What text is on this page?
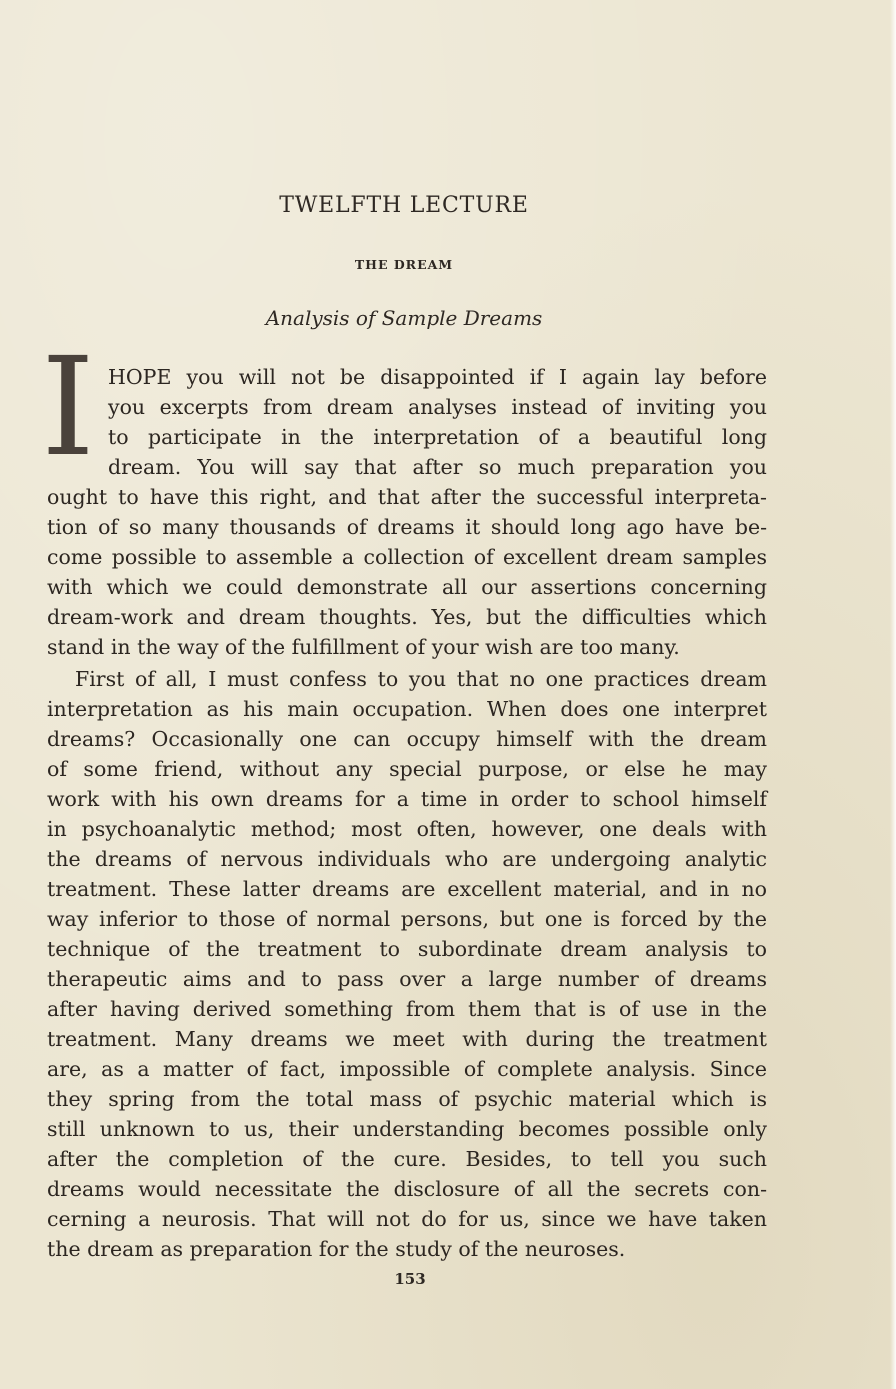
TWELFTH LECTURE
THE DREAM
Analysis of Sample Dreams
I HOPE you will not be disappointed if I again lay before
you excerpts from dream analyses instead of inviting you
to participate in the interpretation of a beautiful long
dream. You will say that after so much preparation you
ought to have this right, and that after the successful interpreta-
tion of so many thousands of dreams it should long ago have be-
come possible to assemble a collection of excellent dream samples
with which we could demonstrate all our assertions concerning
dream-work and dream thoughts. Yes, but the difficulties which
stand in the way of the fulfillment of your wish are too many.
First of all, I must confess to you that no one practices dream
interpretation as his main occupation. When does one interpret
dreams? Occasionally one can occupy himself with the dream
of some friend, without any special purpose, or else he may
work with his own dreams for a time in order to school himself
in psychoanalytic method; most often, however, one deals with
the dreams of nervous individuals who are undergoing analytic
treatment. These latter dreams are excellent material, and in no
way inferior to those of normal persons, but one is forced by the
technique of the treatment to subordinate dream analysis to
therapeutic aims and to pass over a large number of dreams
after having derived something from them that is of use in the
treatment. Many dreams we meet with during the treatment
are, as a matter of fact, impossible of complete analysis. Since
they spring from the total mass of psychic material which is
still unknown to us, their understanding becomes possible only
after the completion of the cure. Besides, to tell you such
dreams would necessitate the disclosure of all the secrets con-
cerning a neurosis. That will not do for us, since we have taken
the dream as preparation for the study of the neuroses.
153
